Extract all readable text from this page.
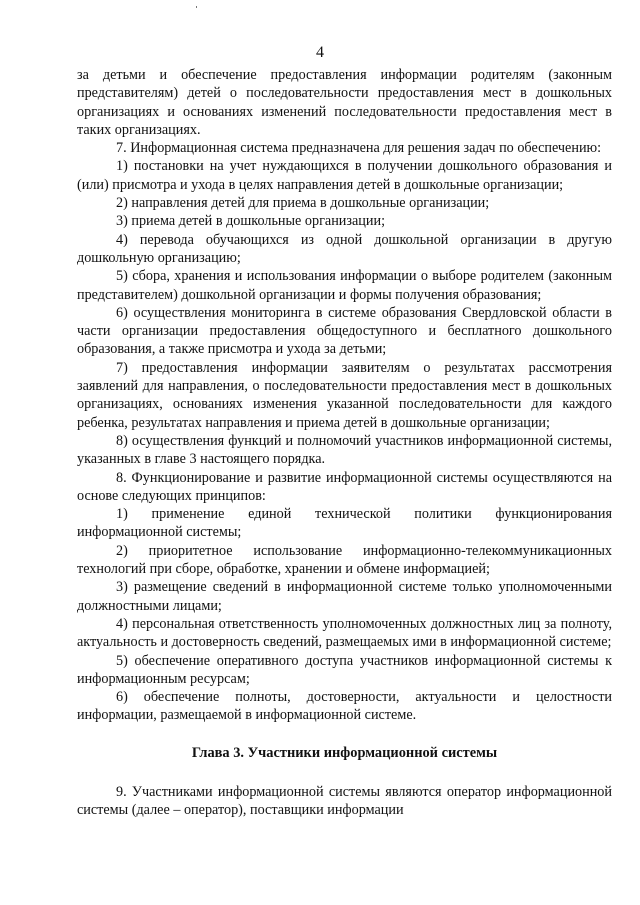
4

за детьми и обеспечение предоставления информации родителям (законным представителям) детей о последовательности предоставления мест в дошкольных организациях и основаниях изменений последовательности предоставления мест в таких организациях.

7. Информационная система предназначена для решения задач по обеспечению:

1) постановки на учет нуждающихся в получении дошкольного образования и (или) присмотра и ухода в целях направления детей в дошкольные организации;

2) направления детей для приема в дошкольные организации;

3) приема детей в дошкольные организации;

4) перевода обучающихся из одной дошкольной организации в другую дошкольную организацию;

5) сбора, хранения и использования информации о выборе родителем (законным представителем) дошкольной организации и формы получения образования;

6) осуществления мониторинга в системе образования Свердловской области в части организации предоставления общедоступного и бесплатного дошкольного образования, а также присмотра и ухода за детьми;

7) предоставления информации заявителям о результатах рассмотрения заявлений для направления, о последовательности предоставления мест в дошкольных организациях, основаниях изменения указанной последовательности для каждого ребенка, результатах направления и приема детей в дошкольные организации;

8) осуществления функций и полномочий участников информационной системы, указанных в главе 3 настоящего порядка.

8. Функционирование и развитие информационной системы осуществляются на основе следующих принципов:

1) применение единой технической политики функционирования информационной системы;

2) приоритетное использование информационно-телекоммуникационных технологий при сборе, обработке, хранении и обмене информацией;

3) размещение сведений в информационной системе только уполномоченными должностными лицами;

4) персональная ответственность уполномоченных должностных лиц за полноту, актуальность и достоверность сведений, размещаемых ими в информационной системе;

5) обеспечение оперативного доступа участников информационной системы к информационным ресурсам;

6) обеспечение полноты, достоверности, актуальности и целостности информации, размещаемой в информационной системе.

Глава 3. Участники информационной системы

9. Участниками информационной системы являются оператор информационной системы (далее – оператор), поставщики информации
